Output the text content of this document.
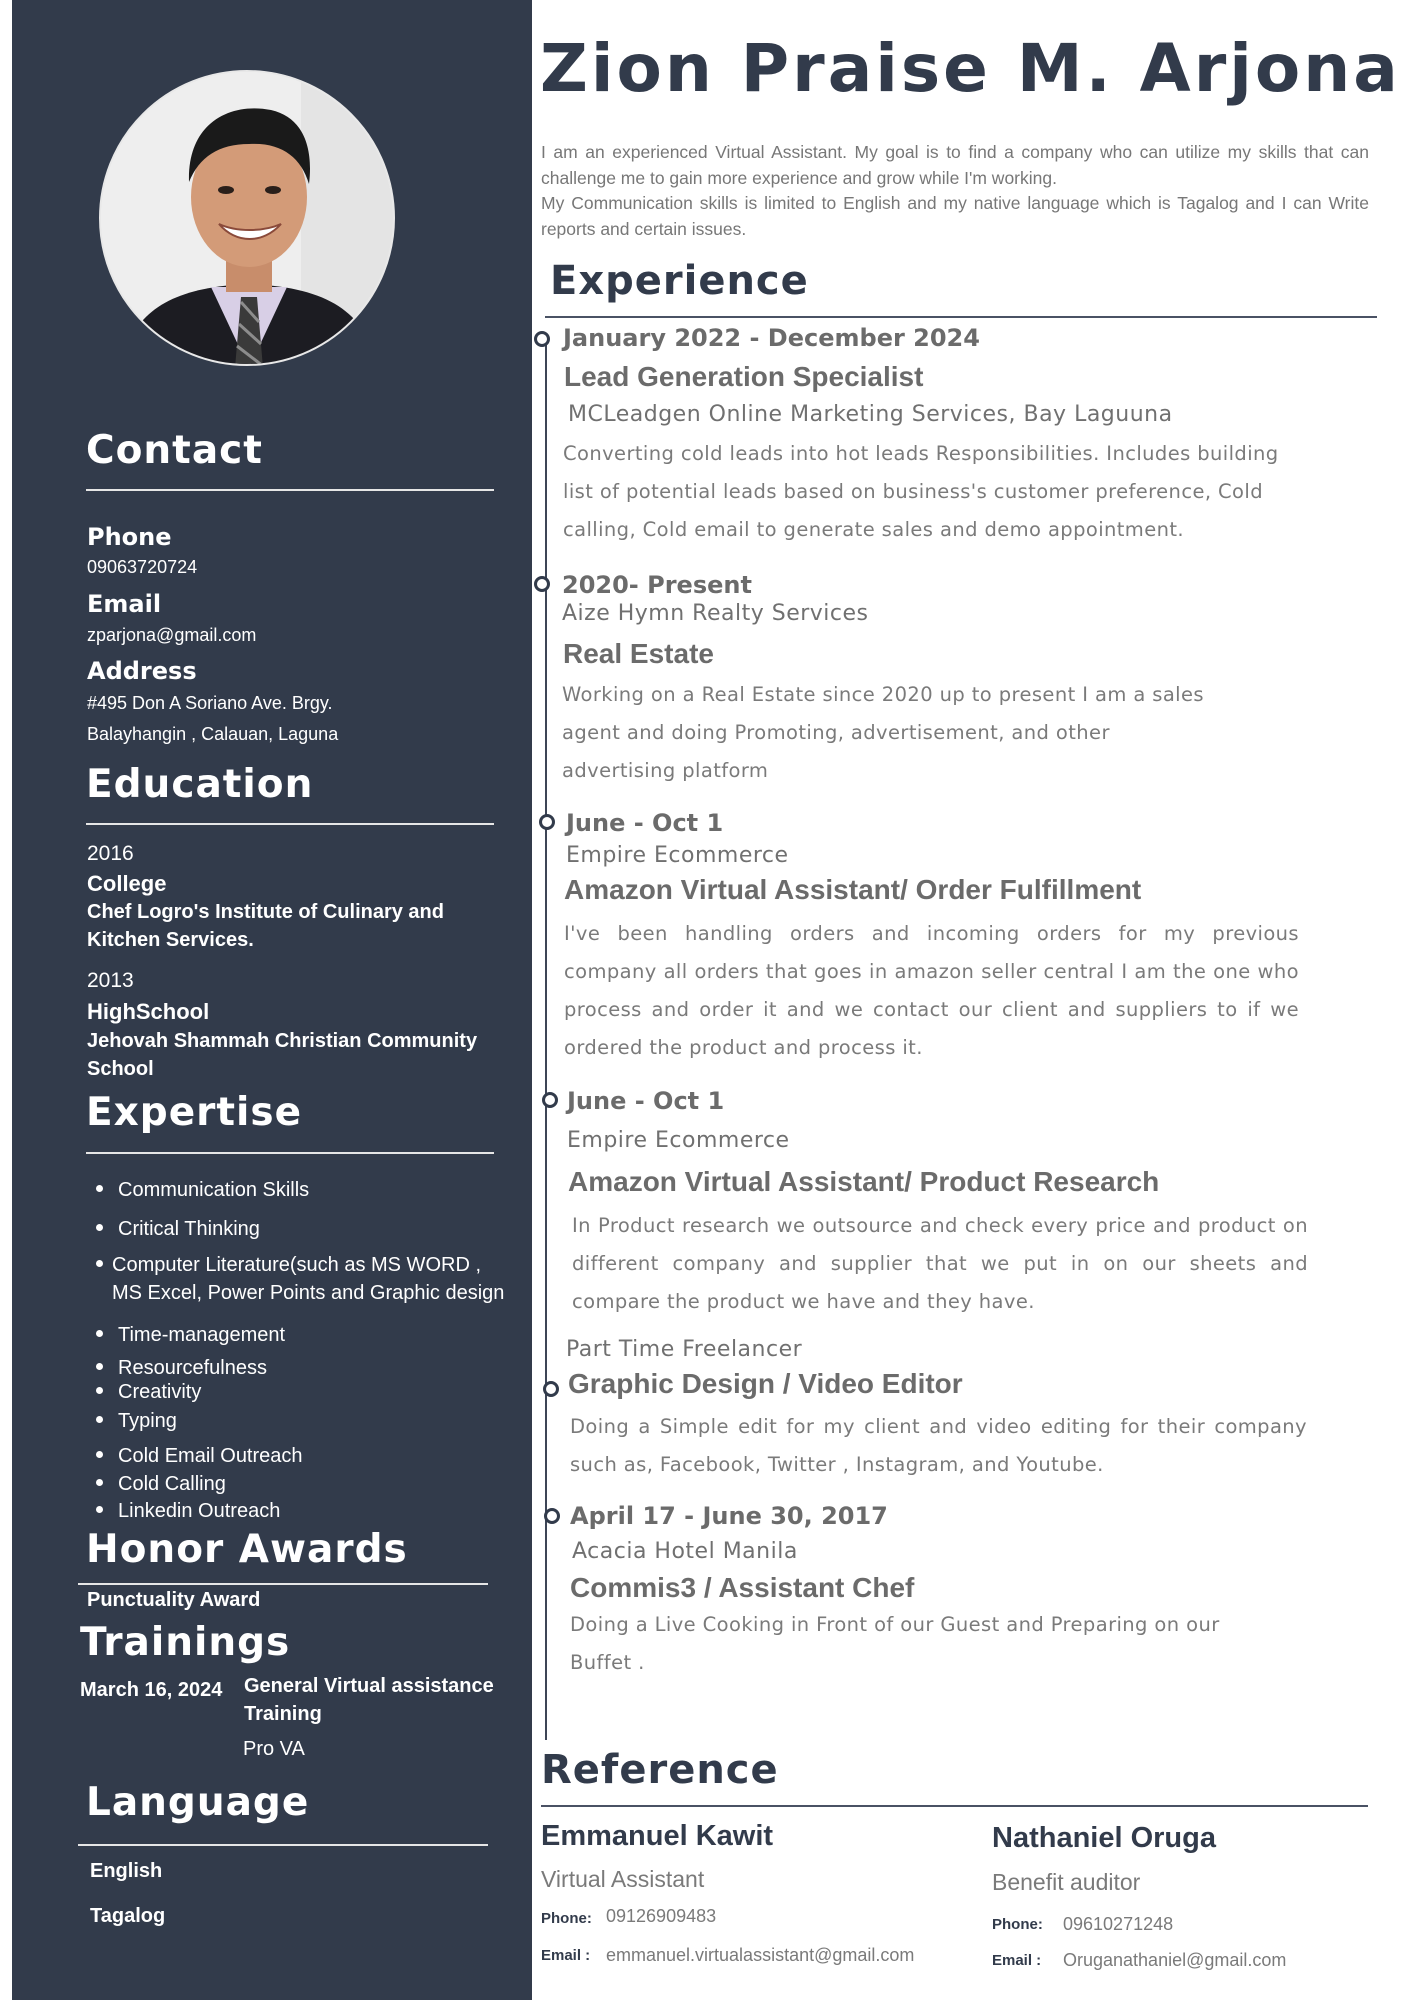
Contact
Phone
09063720724
Email
zparjona@gmail.com
Address
#495 Don A Soriano Ave. Brgy.
Balayhangin , Calauan, Laguna
Education
2016
College
Chef Logro's Institute of Culinary and
Kitchen Services.
2013
HighSchool
Jehovah Shammah Christian Community
School
Expertise
Communication Skills
Critical Thinking
Computer Literature(such as MS WORD ,
MS Excel, Power Points and Graphic design
Time-management
Resourcefulness
Creativity
Typing
Cold Email Outreach
Cold Calling
Linkedin Outreach
Honor Awards
Punctuality Award
Trainings
March 16, 2024 General Virtual assistance
Training
Pro VA
Language
English
Tagalog
Zion Praise M. Arjona
I am an experienced Virtual Assistant. My goal is to find a company who can utilize my skills that can challenge me to gain more experience and grow while I'm working.
My Communication skills is limited to English and my native language which is Tagalog and I can Write reports and certain issues.
Experience
January 2022 - December 2024
Lead Generation Specialist
MCLeadgen Online Marketing Services, Bay Laguuna
Converting cold leads into hot leads Responsibilities. Includes building
list of potential leads based on business's customer preference, Cold
calling, Cold email to generate sales and demo appointment.
2020- Present
Aize Hymn Realty Services
Real Estate
Working on a Real Estate since 2020 up to present I am a sales
agent and doing Promoting, advertisement, and other
advertising platform
June - Oct 1
Empire Ecommerce
Amazon Virtual Assistant/ Order Fulfillment
I've been handling orders and incoming orders for my previous company all orders that goes in amazon seller central I am the one who process and order it and we contact our client and suppliers to if we ordered the product and process it.
June - Oct 1
Empire Ecommerce
Amazon Virtual Assistant/ Product Research
In Product research we outsource and check every price and product on different company and supplier that we put in on our sheets and compare the product we have and they have.
Part Time Freelancer
Graphic Design / Video Editor
Doing a Simple edit for my client and video editing for their company such as, Facebook, Twitter , Instagram, and Youtube.
April 17 - June 30, 2017
Acacia Hotel Manila
Commis3 / Assistant Chef
Doing a Live Cooking in Front of our Guest and Preparing on our
Buffet .
Reference
Emmanuel Kawit
Virtual Assistant
Phone: 09126909483
Email : emmanuel.virtualassistant@gmail.com
Nathaniel Oruga
Benefit auditor
Phone: 09610271248
Email : Oruganathaniel@gmail.com
